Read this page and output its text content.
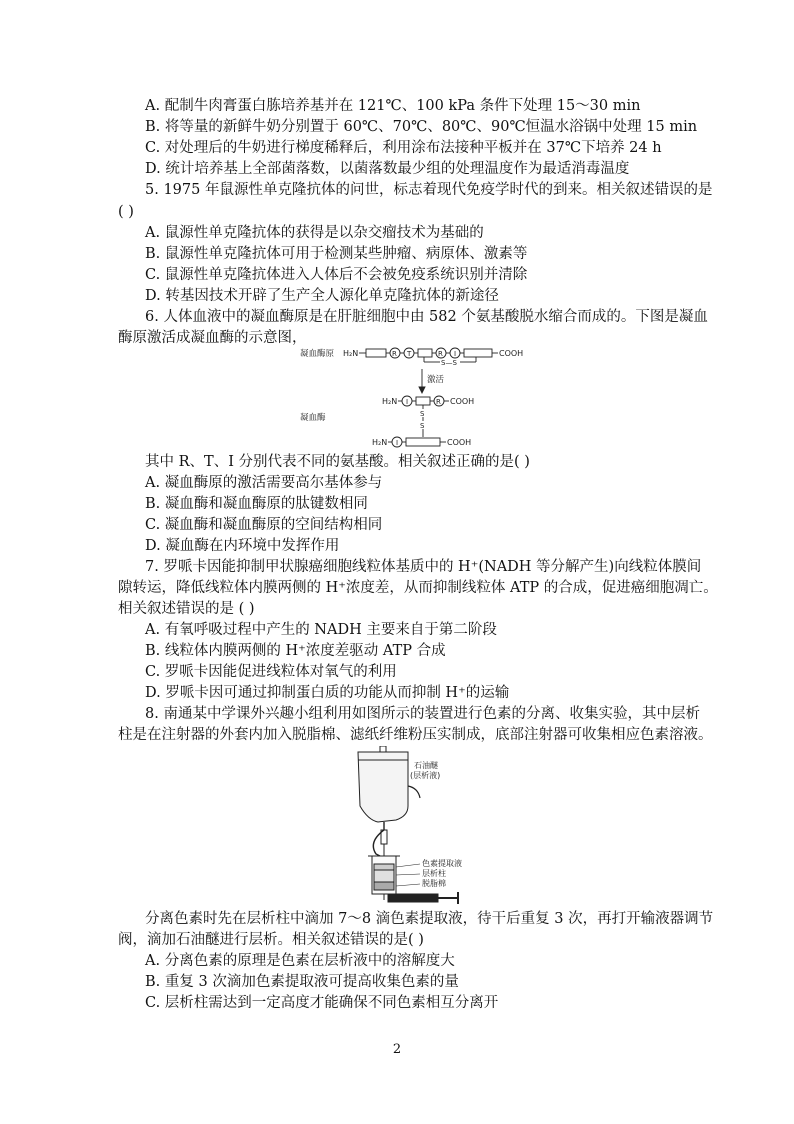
A. 配制牛肉膏蛋白胨培养基并在 121℃、100 kPa 条件下处理 15～30 min
B. 将等量的新鲜牛奶分别置于 60℃、70℃、80℃、90℃恒温水浴锅中处理 15 min
C. 对处理后的牛奶进行梯度稀释后，利用涂布法接种平板并在 37℃下培养 24 h
D. 统计培养基上全部菌落数，以菌落数最少组的处理温度作为最适消毒温度
5. 1975 年鼠源性单克隆抗体的问世，标志着现代免疫学时代的到来。相关叙述错误的是
( )
A. 鼠源性单克隆抗体的获得是以杂交瘤技术为基础的
B. 鼠源性单克隆抗体可用于检测某些肿瘤、病原体、激素等
C. 鼠源性单克隆抗体进入人体后不会被免疫系统识别并清除
D. 转基因技术开辟了生产全人源化单克隆抗体的新途径
6. 人体血液中的凝血酶原是在肝脏细胞中由 582 个氨基酸脱水缩合而成的。下图是凝血
酶原激活成凝血酶的示意图，
凝血酶原 H₂N	R T	R I	COOH
S—S
激活
凝血酶
H₂N I	R COOH
S
S
H₂N I	COOH
其中 R、T、I 分别代表不同的氨基酸。相关叙述正确的是( )
A. 凝血酶原的激活需要高尔基体参与
B. 凝血酶和凝血酶原的肽键数相同
C. 凝血酶和凝血酶原的空间结构相同
D. 凝血酶在内环境中发挥作用
7. 罗哌卡因能抑制甲状腺癌细胞线粒体基质中的 H⁺(NADH 等分解产生)向线粒体膜间
隙转运，降低线粒体内膜两侧的 H⁺浓度差，从而抑制线粒体 ATP 的合成，促进癌细胞凋亡。
相关叙述错误的是 ( )
A. 有氧呼吸过程中产生的 NADH 主要来自于第二阶段
B. 线粒体内膜两侧的 H⁺浓度差驱动 ATP 合成
C. 罗哌卡因能促进线粒体对氧气的利用
D. 罗哌卡因可通过抑制蛋白质的功能从而抑制 H⁺的运输
8. 南通某中学课外兴趣小组利用如图所示的装置进行色素的分离、收集实验，其中层析
柱是在注射器的外套内加入脱脂棉、滤纸纤维粉压实制成，底部注射器可收集相应色素溶液。
石油醚
(层析液)
色素提取液
层析柱
脱脂棉
分离色素时先在层析柱中滴加 7～8 滴色素提取液，待干后重复 3 次，再打开输液器调节
阀，滴加石油醚进行层析。相关叙述错误的是( )
A. 分离色素的原理是色素在层析液中的溶解度大
B. 重复 3 次滴加色素提取液可提高收集色素的量
C. 层析柱需达到一定高度才能确保不同色素相互分离开
2
